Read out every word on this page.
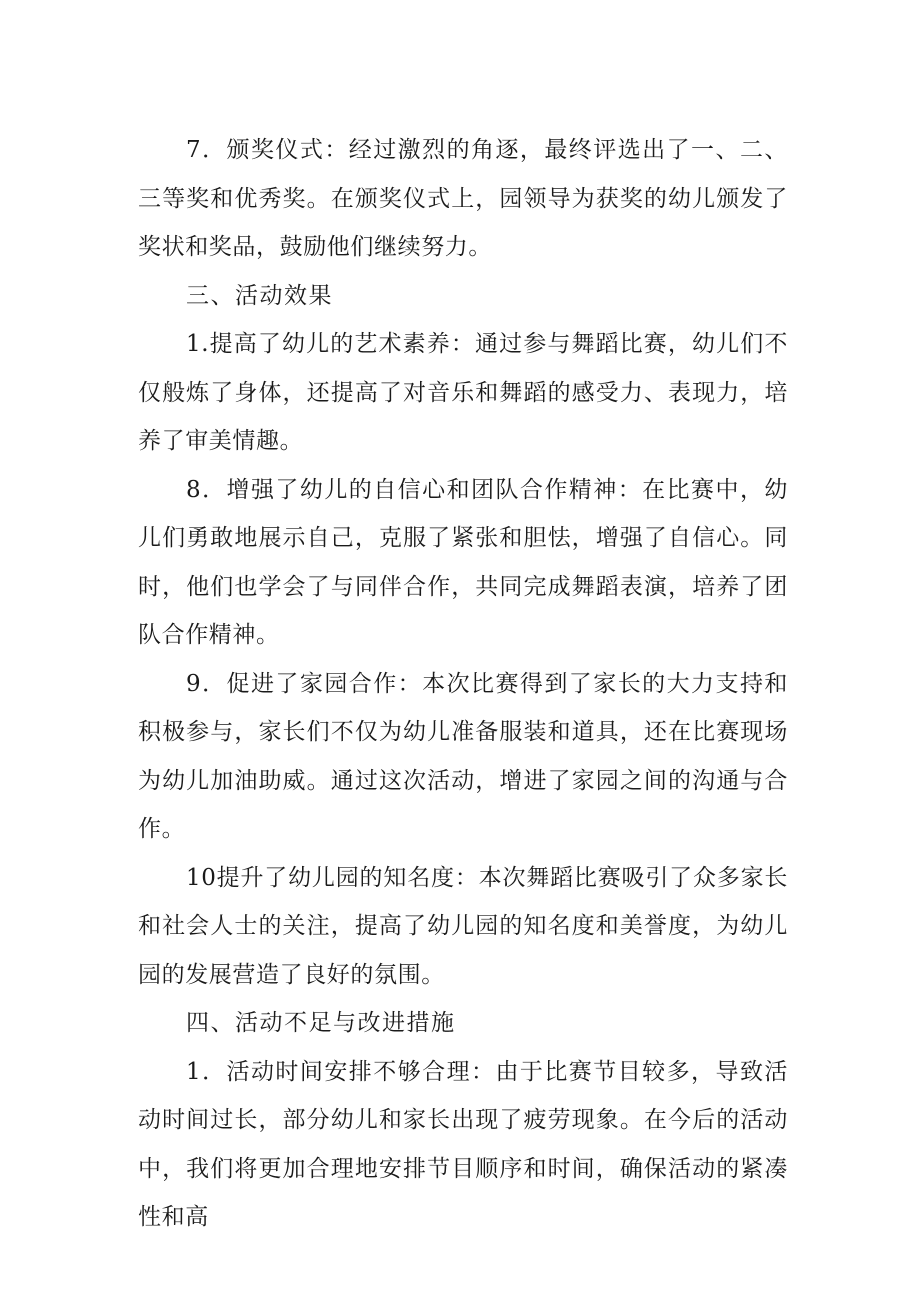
7．颁奖仪式：经过激烈的角逐，最终评选出了一、二、三等奖和优秀奖。在颁奖仪式上，园领导为获奖的幼儿颁发了奖状和奖品，鼓励他们继续努力。

三、活动效果

1.提高了幼儿的艺术素养：通过参与舞蹈比赛，幼儿们不仅般炼了身体，还提高了对音乐和舞蹈的感受力、表现力，培养了审美情趣。

8．增强了幼儿的自信心和团队合作精神：在比赛中，幼儿们勇敢地展示自己，克服了紧张和胆怯，增强了自信心。同时，他们也学会了与同伴合作，共同完成舞蹈表演，培养了团队合作精神。

9．促进了家园合作：本次比赛得到了家长的大力支持和积极参与，家长们不仅为幼儿准备服装和道具，还在比赛现场为幼儿加油助威。通过这次活动，增进了家园之间的沟通与合作。

10提升了幼儿园的知名度：本次舞蹈比赛吸引了众多家长和社会人士的关注，提高了幼儿园的知名度和美誉度，为幼儿园的发展营造了良好的氛围。

四、活动不足与改进措施

1．活动时间安排不够合理：由于比赛节目较多，导致活动时间过长，部分幼儿和家长出现了疲劳现象。在今后的活动中，我们将更加合理地安排节目顺序和时间，确保活动的紧凑性和高
